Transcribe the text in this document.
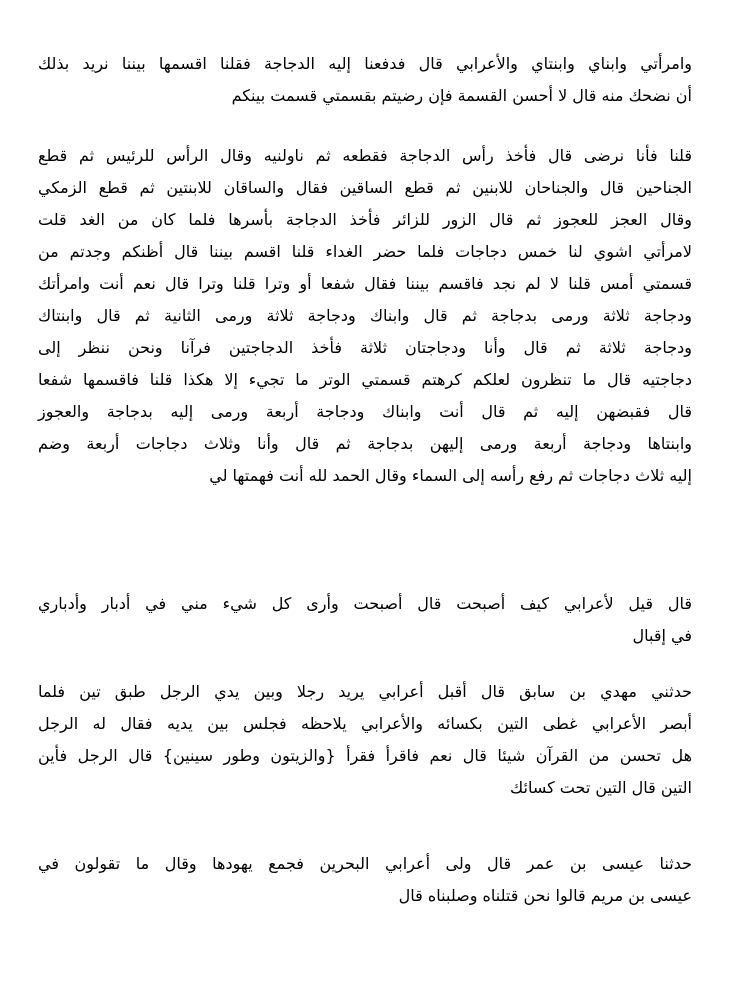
وامرأتي وابناي وابنتاي والأعرابي قال فدفعنا إليه الدجاجة فقلنا اقسمها بيننا نريد بذلك
أن نضحك منه قال لا أحسن القسمة فإن رضيتم بقسمتي قسمت بينكم

قلنا فأنا نرضى قال فأخذ رأس الدجاجة فقطعه ثم ناولنيه وقال الرأس للرئيس ثم قطع
الجناحين قال والجناحان للابنين ثم قطع الساقين فقال والساقان للابنتين ثم قطع الزمكي
وقال العجز للعجوز ثم قال الزور للزائر فأخذ الدجاجة بأسرها فلما كان من الغد قلت
لامرأتي اشوي لنا خمس دجاجات فلما حضر الغداء قلنا اقسم بيننا قال أظنكم وجدتم من
قسمتي أمس قلنا لا لم نجد فاقسم بيننا فقال شفعا أو وترا قلنا وترا قال نعم أنت وامرأتك
ودجاجة ثلاثة ورمى بدجاجة ثم قال وابناك ودجاجة ثلاثة ورمى الثانية ثم قال وابنتاك
ودجاجة ثلاثة ثم قال وأنا ودجاجتان ثلاثة فأخذ الدجاجتين فرآنا ونحن ننظر إلى
دجاجتيه قال ما تنظرون لعلكم كرهتم قسمتي الوتر ما تجيء إلا هكذا قلنا فاقسمها شفعا
قال فقبضهن إليه ثم قال أنت وابناك ودجاجة أربعة ورمى إليه بدجاجة والعجوز
وابنتاها ودجاجة أربعة ورمى إليهن بدجاجة ثم قال وأنا وثلاث دجاجات أربعة وضم
إليه ثلاث دجاجات ثم رفع رأسه إلى السماء وقال الحمد لله أنت فهمتها لي

قال قيل لأعرابي كيف أصبحت قال أصبحت وأرى كل شيء مني في أدبار وأدباري
في إقبال

حدثني مهدي بن سابق قال أقبل أعرابي يريد رجلا وبين يدي الرجل طبق تين فلما
أبصر الأعرابي غطى التين بكسائه والأعرابي يلاحظه فجلس بين يديه فقال له الرجل
هل تحسن من القرآن شيئا قال نعم فاقرأ فقرأ {والزيتون وطور سينين} قال الرجل فأين
التين قال التين تحت كسائك

حدثنا عيسى بن عمر قال ولى أعرابي البحرين فجمع يهودها وقال ما تقولون في
عيسى بن مريم قالوا نحن قتلناه وصلبناه قال
